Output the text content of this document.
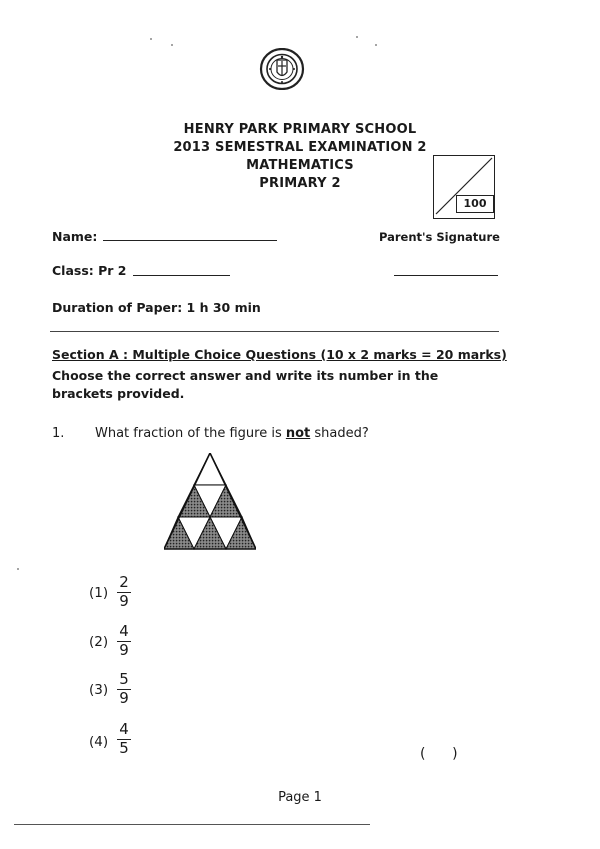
HENRY PARK PRIMARY SCHOOL
2013 SEMESTRAL EXAMINATION 2
MATHEMATICS
PRIMARY 2
100
Name:	Parent's Signature
Class: Pr 2
Duration of Paper: 1 h 30 min
Section A : Multiple Choice Questions (10 x 2 marks = 20 marks)
Choose the correct answer and write its number in the brackets provided.
1. What fraction of the figure is not shaded?
(1)
2
9
(2)
4
9
(3)
5
9
(4)
4
5	(      )
Page 1
